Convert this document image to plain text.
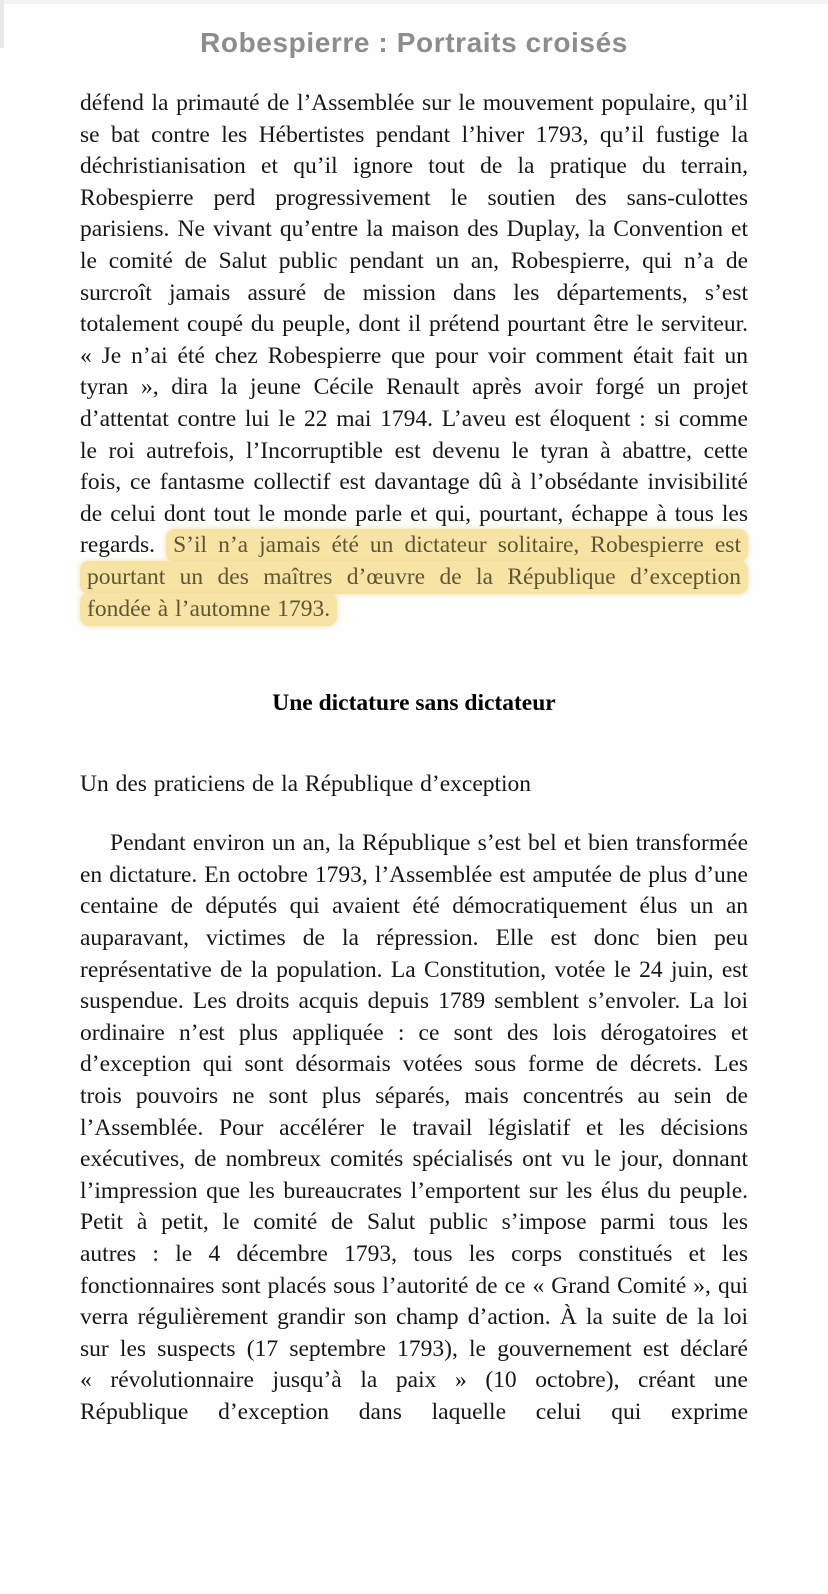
Robespierre : Portraits croisés

défend la primauté de l’Assemblée sur le mouvement populaire, qu’il se bat contre les Hébertistes pendant l’hiver 1793, qu’il fustige la déchristianisation et qu’il ignore tout de la pratique du terrain, Robespierre perd progressivement le soutien des sans-culottes parisiens. Ne vivant qu’entre la maison des Duplay, la Convention et le comité de Salut public pendant un an, Robespierre, qui n’a de surcroît jamais assuré de mission dans les départements, s’est totalement coupé du peuple, dont il prétend pourtant être le serviteur. « Je n’ai été chez Robespierre que pour voir comment était fait un tyran », dira la jeune Cécile Renault après avoir forgé un projet d’attentat contre lui le 22 mai 1794. L’aveu est éloquent : si comme le roi autrefois, l’Incorruptible est devenu le tyran à abattre, cette fois, ce fantasme collectif est davantage dû à l’obsédante invisibilité de celui dont tout le monde parle et qui, pourtant, échappe à tous les regards. S’il n’a jamais été un dictateur solitaire, Robespierre est pourtant un des maîtres d’œuvre de la République d’exception fondée à l’automne 1793.

Une dictature sans dictateur

Un des praticiens de la République d’exception

Pendant environ un an, la République s’est bel et bien transformée en dictature. En octobre 1793, l’Assemblée est amputée de plus d’une centaine de députés qui avaient été démocratiquement élus un an auparavant, victimes de la répression. Elle est donc bien peu représentative de la population. La Constitution, votée le 24 juin, est suspendue. Les droits acquis depuis 1789 semblent s’envoler. La loi ordinaire n’est plus appliquée : ce sont des lois dérogatoires et d’exception qui sont désormais votées sous forme de décrets. Les trois pouvoirs ne sont plus séparés, mais concentrés au sein de l’Assemblée. Pour accélérer le travail législatif et les décisions exécutives, de nombreux comités spécialisés ont vu le jour, donnant l’impression que les bureaucrates l’emportent sur les élus du peuple. Petit à petit, le comité de Salut public s’impose parmi tous les autres : le 4 décembre 1793, tous les corps constitués et les fonctionnaires sont placés sous l’autorité de ce « Grand Comité », qui verra régulièrement grandir son champ d’action. À la suite de la loi sur les suspects (17 septembre 1793), le gouvernement est déclaré « révolutionnaire jusqu’à la paix » (10 octobre), créant une République d’exception dans laquelle celui qui exprime
